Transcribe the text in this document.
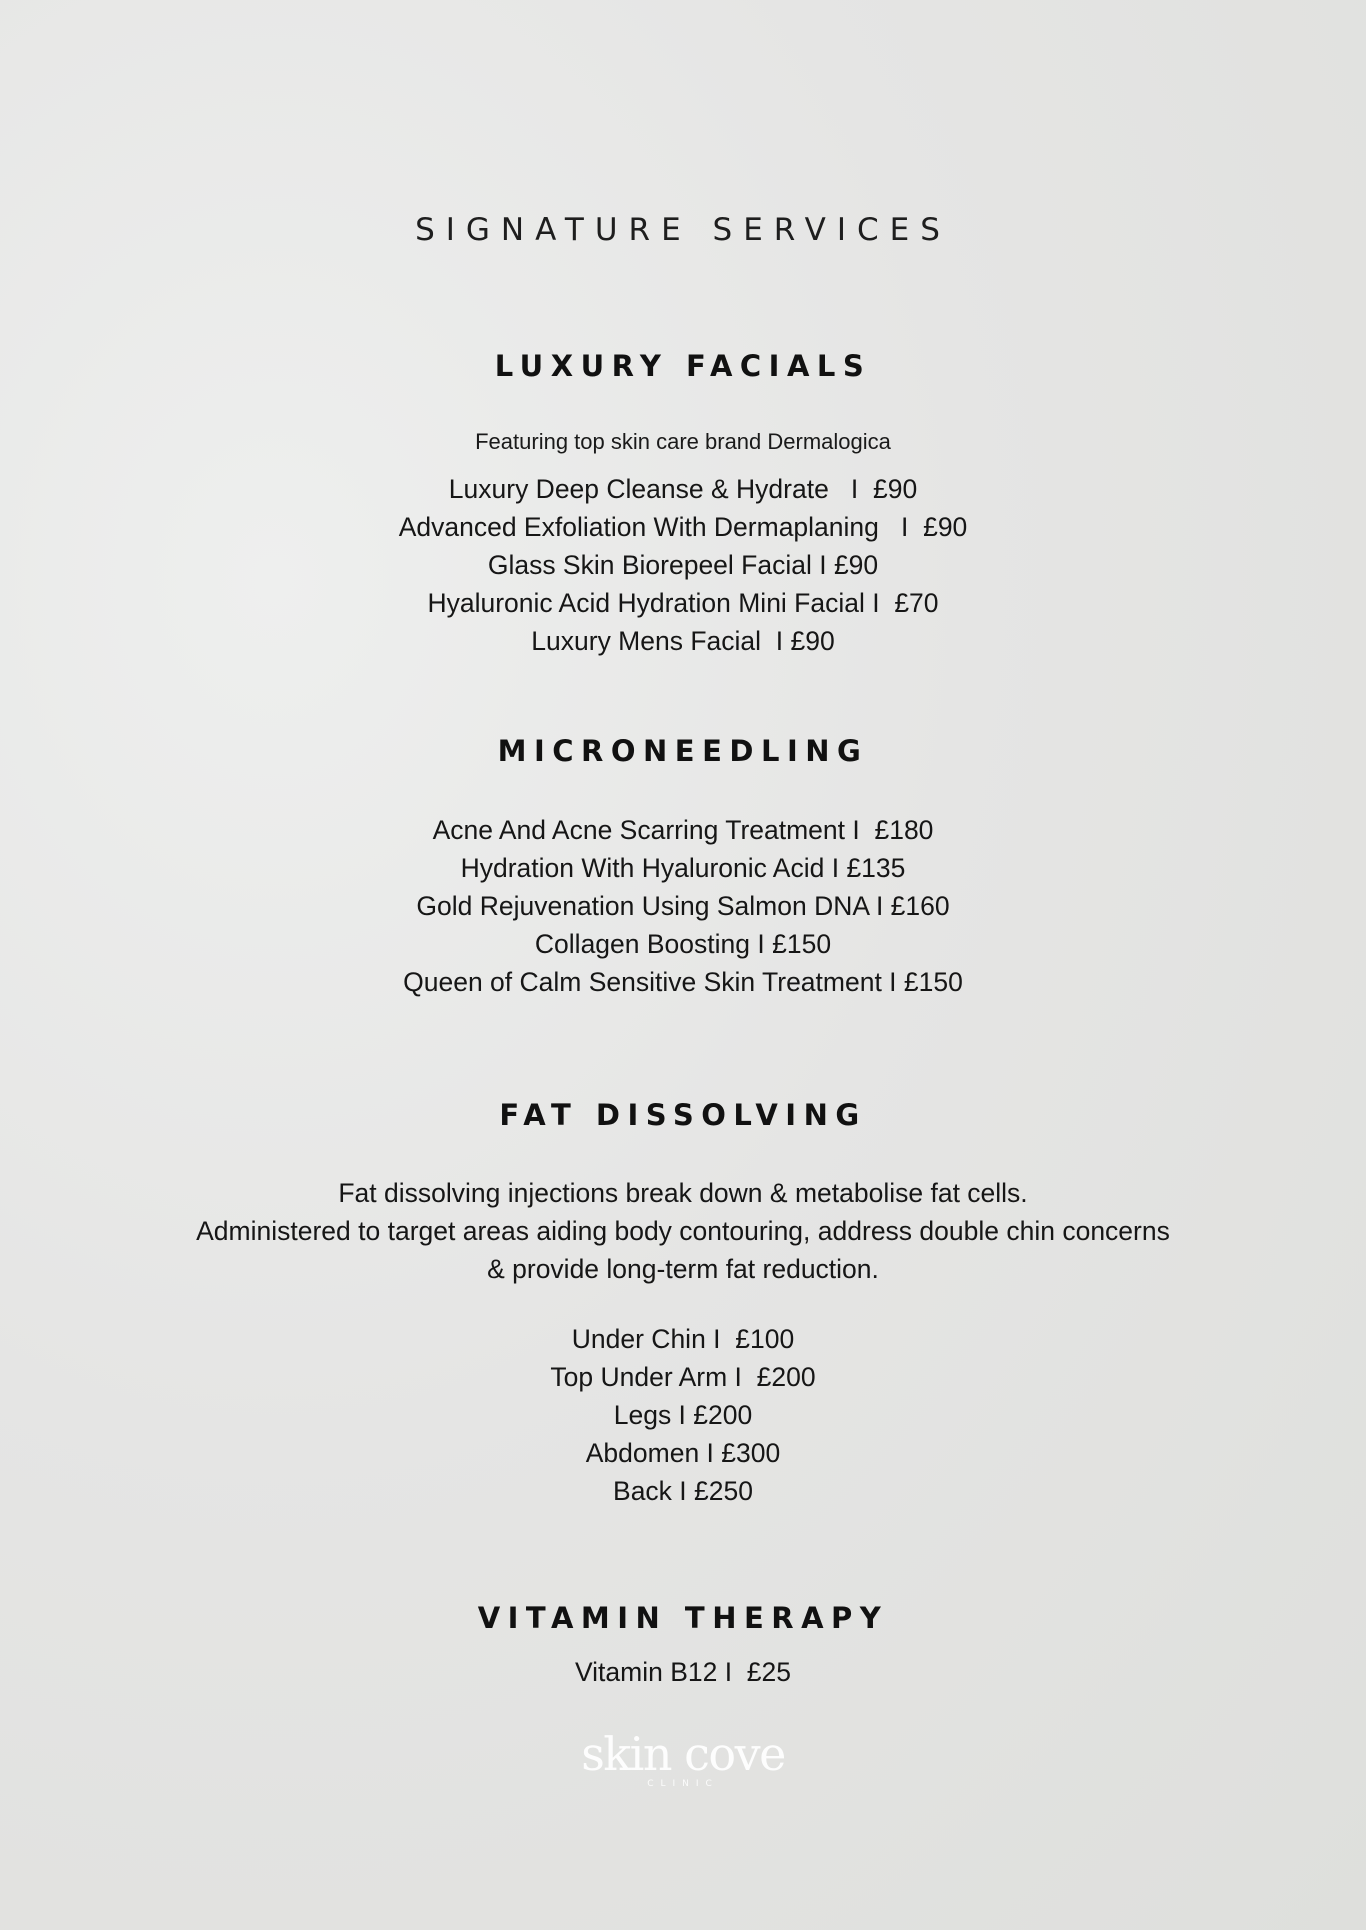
SIGNATURE SERVICES
LUXURY FACIALS
Featuring top skin care brand Dermalogica
Luxury Deep Cleanse & Hydrate   I  £90
Advanced Exfoliation With Dermaplaning   I  £90
Glass Skin Biorepeel Facial I £90
Hyaluronic Acid Hydration Mini Facial I  £70
Luxury Mens Facial  I £90
MICRONEEDLING
Acne And Acne Scarring Treatment I  £180
Hydration With Hyaluronic Acid I £135
Gold Rejuvenation Using Salmon DNA I £160
Collagen Boosting I £150
Queen of Calm Sensitive Skin Treatment I £150
FAT DISSOLVING

Fat dissolving injections break down & metabolise fat cells.

Administered to target areas aiding body contouring, address double chin concerns

& provide long-term fat reduction.

Under Chin I  £100
Top Under Arm I  £200
Legs I £200
Abdomen I £300
Back I £250
VITAMIN THERAPY
Vitamin B12 I  £25
skin cove
CLINIC
